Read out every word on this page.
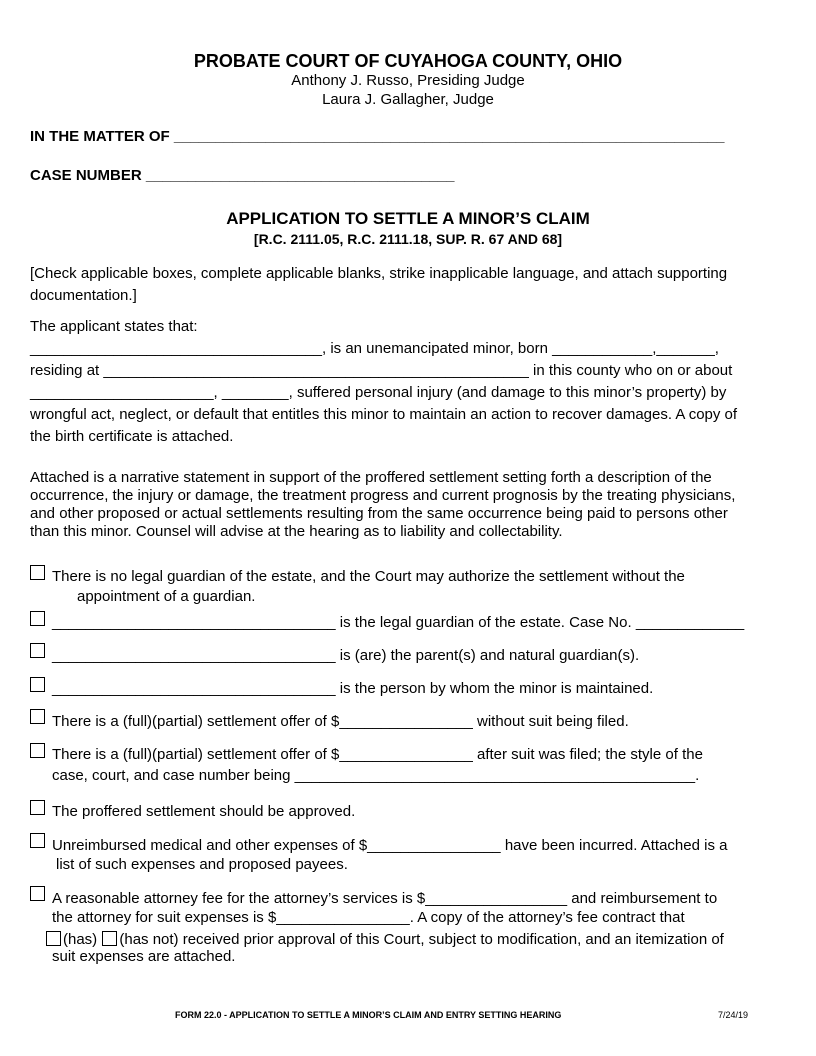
PROBATE COURT OF CUYAHOGA COUNTY, OHIO
Anthony J. Russo, Presiding Judge
Laura J. Gallagher, Judge
IN THE MATTER OF __________________________________________________________________
CASE NUMBER _____________________________________
APPLICATION TO SETTLE A MINOR’S CLAIM
[R.C. 2111.05, R.C. 2111.18, SUP. R. 67 AND 68]
[Check applicable boxes, complete applicable blanks, strike inapplicable language, and attach supporting
documentation.]
The applicant states that:
___________________________________, is an unemancipated minor, born ____________,_______,
residing at ___________________________________________________ in this county who on or about
______________________, ________, suffered personal injury (and damage to this minor’s property) by
wrongful act, neglect, or default that entitles this minor to maintain an action to recover damages. A copy of
the birth certificate is attached.
Attached is a narrative statement in support of the proffered settlement setting forth a description of the
occurrence, the injury or damage, the treatment progress and current prognosis by the treating physicians,
and other proposed or actual settlements resulting from the same occurrence being paid to persons other
than this minor. Counsel will advise at the hearing as to liability and collectability.
There is no legal guardian of the estate, and the Court may authorize the settlement without the
appointment of a guardian.
__________________________________ is the legal guardian of the estate. Case No. _____________
__________________________________ is (are) the parent(s) and natural guardian(s).
__________________________________ is the person by whom the minor is maintained.
There is a (full)(partial) settlement offer of $________________ without suit being filed.
There is a (full)(partial) settlement offer of $________________ after suit was filed; the style of the
case, court, and case number being ________________________________________________.
The proffered settlement should be approved.
Unreimbursed medical and other expenses of $________________ have been incurred. Attached is a
list of such expenses and proposed payees.
A reasonable attorney fee for the attorney’s services is $_________________ and reimbursement to
the attorney for suit expenses is $________________. A copy of the attorney’s fee contract that
(has) (has not) received prior approval of this Court, subject to modification, and an itemization of
suit expenses are attached.
FORM 22.0 - APPLICATION TO SETTLE A MINOR’S CLAIM AND ENTRY SETTING HEARING	7/24/19
